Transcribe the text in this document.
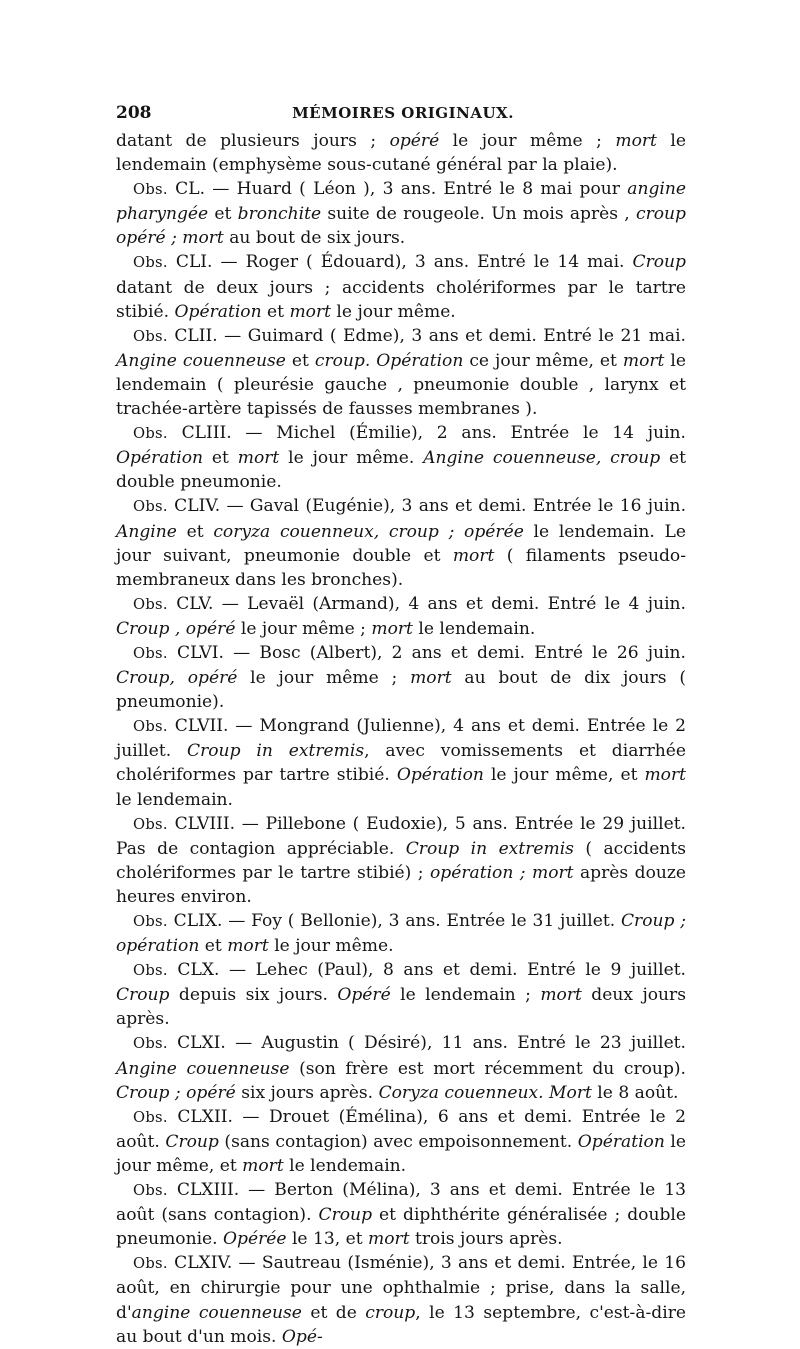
208	MÉMOIRES ORIGINAUX.

datant de plusieurs jours ; opéré le jour même ; mort le lendemain (emphysème sous-cutané général par la plaie).

Obs. CL. — Huard ( Léon ), 3 ans. Entré le 8 mai pour angine pharyngée et bronchite suite de rougeole. Un mois après , croup opéré ; mort au bout de six jours.

Obs. CLI. — Roger ( Édouard), 3 ans. Entré le 14 mai. Croup datant de deux jours ; accidents cholériformes par le tartre stibié. Opération et mort le jour même.

Obs. CLII. — Guimard ( Edme), 3 ans et demi. Entré le 21 mai. Angine couenneuse et croup. Opération ce jour même, et mort le lendemain ( pleurésie gauche , pneumonie double , larynx et trachée-artère tapissés de fausses membranes ).

Obs. CLIII. — Michel (Émilie), 2 ans. Entrée le 14 juin. Opération et mort le jour même. Angine couenneuse, croup et double pneumonie.

Obs. CLIV. — Gaval (Eugénie), 3 ans et demi. Entrée le 16 juin. Angine et coryza couenneux, croup ; opérée le lendemain. Le jour suivant, pneumonie double et mort ( filaments pseudo-membraneux dans les bronches).

Obs. CLV. — Levaël (Armand), 4 ans et demi. Entré le 4 juin. Croup , opéré le jour même ; mort le lendemain.

Obs. CLVI. — Bosc (Albert), 2 ans et demi. Entré le 26 juin. Croup, opéré le jour même ; mort au bout de dix jours ( pneumonie).

Obs. CLVII. — Mongrand (Julienne), 4 ans et demi. Entrée le 2 juillet. Croup in extremis, avec vomissements et diarrhée cholériformes par tartre stibié. Opération le jour même, et mort le lendemain.

Obs. CLVIII. — Pillebone ( Eudoxie), 5 ans. Entrée le 29 juillet. Pas de contagion appréciable. Croup in extremis ( accidents cholériformes par le tartre stibié) ; opération ; mort après douze heures environ.

Obs. CLIX. — Foy ( Bellonie), 3 ans. Entrée le 31 juillet. Croup ; opération et mort le jour même.

Obs. CLX. — Lehec (Paul), 8 ans et demi. Entré le 9 juillet. Croup depuis six jours. Opéré le lendemain ; mort deux jours après.

Obs. CLXI. — Augustin ( Désiré), 11 ans. Entré le 23 juillet. Angine couenneuse (son frère est mort récemment du croup). Croup ; opéré six jours après. Coryza couenneux. Mort le 8 août.

Obs. CLXII. — Drouet (Émélina), 6 ans et demi. Entrée le 2 août. Croup (sans contagion) avec empoisonnement. Opération le jour même, et mort le lendemain.

Obs. CLXIII. — Berton (Mélina), 3 ans et demi. Entrée le 13 août (sans contagion). Croup et diphthérite généralisée ; double pneumonie. Opérée le 13, et mort trois jours après.

Obs. CLXIV. — Sautreau (Isménie), 3 ans et demi. Entrée, le 16 août, en chirurgie pour une ophthalmie ; prise, dans la salle, d'angine couenneuse et de croup, le 13 septembre, c'est-à-dire au bout d'un mois. Opé-
